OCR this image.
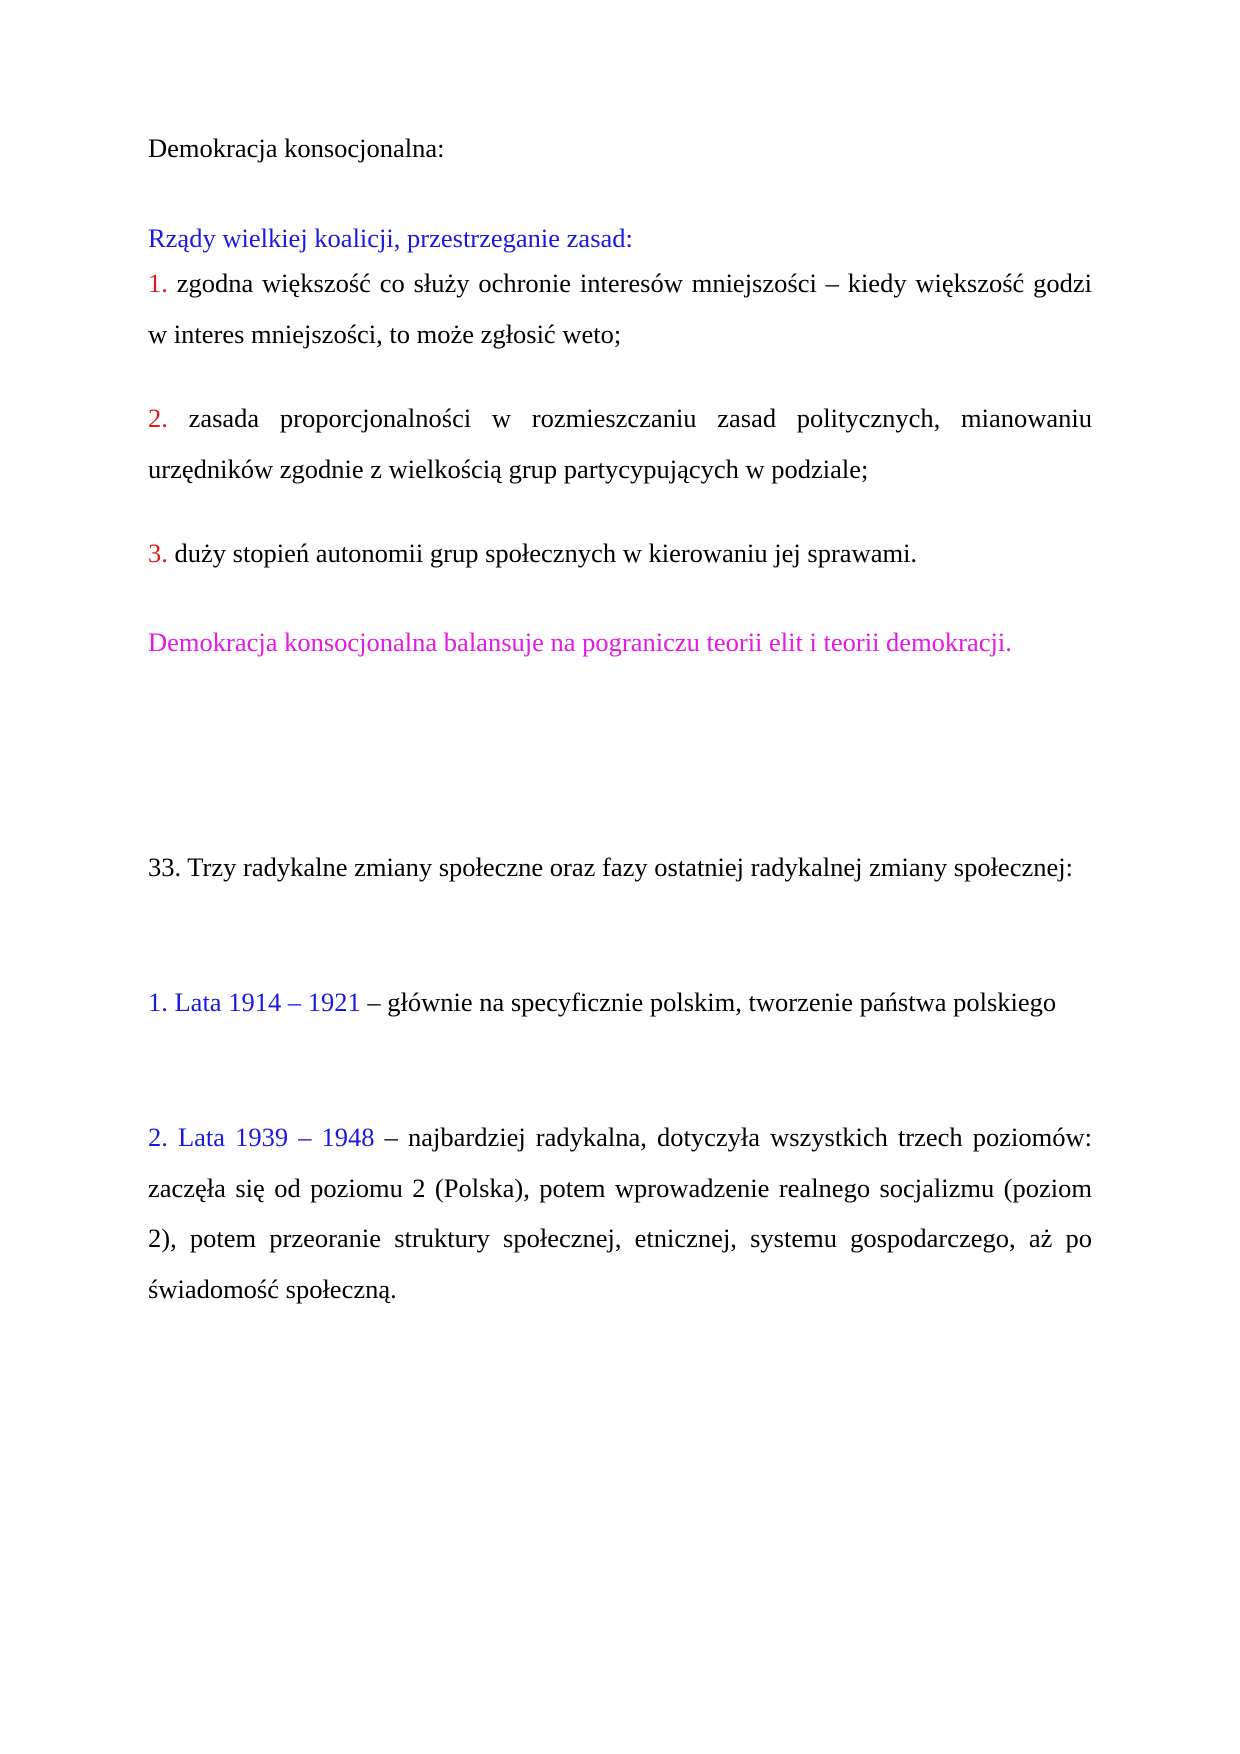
Demokracja konsocjonalna:

Rządy wielkiej koalicji, przestrzeganie zasad:

1. zgodna większość co służy ochronie interesów mniejszości – kiedy większość godzi w interes mniejszości, to może zgłosić weto;

2. zasada proporcjonalności w rozmieszczaniu zasad politycznych, mianowaniu urzędników zgodnie z wielkością grup partycypujących w podziale;

3. duży stopień autonomii grup społecznych w kierowaniu jej sprawami.

Demokracja konsocjonalna balansuje na pograniczu teorii elit i teorii demokracji.

33. Trzy radykalne zmiany społeczne oraz fazy ostatniej radykalnej zmiany społecznej:

1. Lata 1914 – 1921 – głównie na specyficznie polskim, tworzenie państwa polskiego

2. Lata 1939 – 1948 – najbardziej radykalna, dotyczyła wszystkich trzech poziomów: zaczęła się od poziomu 2 (Polska), potem wprowadzenie realnego socjalizmu (poziom 2), potem przeoranie struktury społecznej, etnicznej, systemu gospodarczego, aż po świadomość społeczną.
